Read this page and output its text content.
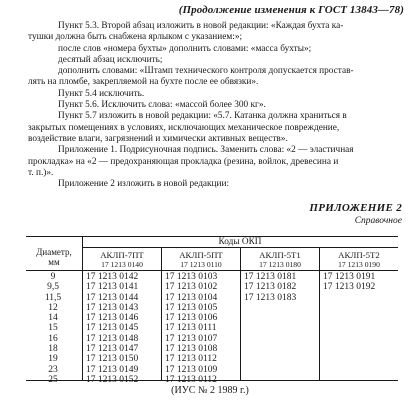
(Продолжение изменения к ГОСТ 13843—78)
Пункт 5.3. Второй абзац изложить в новой редакции: «Каждая бухта ка-
тушки должна быть снабжена ярлыком с указанием:»;
после слов «номера бухты» дополнить словами: «масса бухты»;
десятый абзац исключить;
дополнить словами: «Штамп технического контроля допускается простав-
лять на пломбе, закрепляемой на бухте после ее обвязки».
Пункт 5.4 исключить.
Пункт 5.6. Исключить слова: «массой более 300 кг».
Пункт 5.7 изложить в новой редакции: «5.7. Катанка должна храниться в
закрытых помещениях в условиях, исключающих механическое повреждение,
воздействие влаги, загрязнений и химически активных веществ».
Приложение 1. Подрисуночная подпись. Заменить слова: «2 — эластичная
прокладка» на «2 — предохраняющая прокладка (резина, войлок, древесина и
т. п.)».
Приложение 2 изложить в новой редакции:
ПРИЛОЖЕНИЕ 2
Справочное
Диаметр,
мм
Коды ОКП
АКЛП-7ПТ
17 1213 0140
АКЛП-5ПТ
17 1213 0110
АКЛП-5Т1
17 1213 0180
АКЛП-5Т2
17 1213 0190
9
9,5
11,5
12
14
15
16
18
19
23
25
17 1213 0142
17 1213 0141
17 1213 0144
17 1213 0143
17 1213 0146
17 1213 0145
17 1213 0148
17 1213 0147
17 1213 0150
17 1213 0149
17 1213 0152
17 1213 0103
17 1213 0102
17 1213 0104
17 1213 0105
17 1213 0106
17 1213 0111
17 1213 0107
17 1213 0108
17 1213 0112
17 1213 0109
17 1213 0112
17 1213 0181
17 1213 0182
17 1213 0183
17 1213 0191
17 1213 0192
(ИУС № 2 1989 г.)
